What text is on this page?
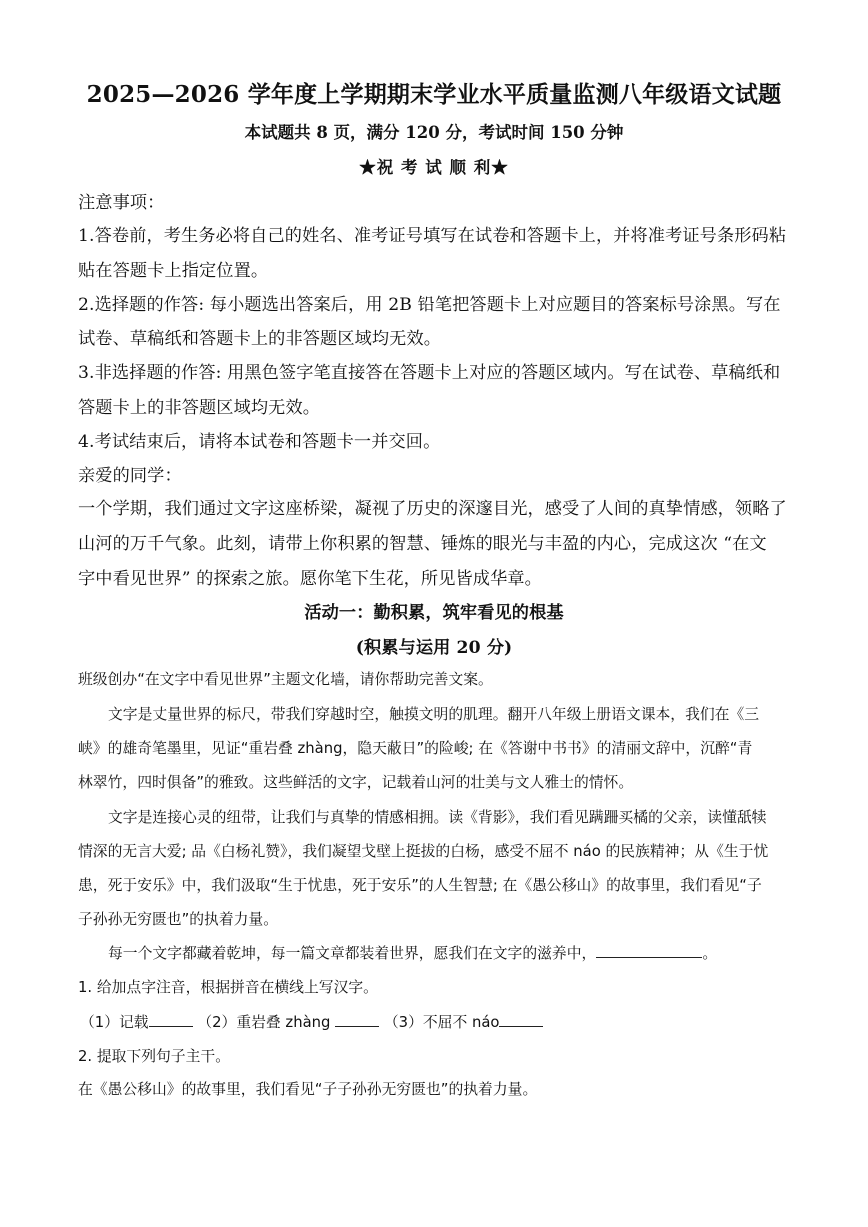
2025—2026 学年度上学期期末学业水平质量监测八年级语文试题
本试题共 8 页，满分 120 分，考试时间 150 分钟
★祝 考 试 顺 利★
注意事项：
1.答卷前，考生务必将自己的姓名、准考证号填写在试卷和答题卡上，并将准考证号条形码粘
贴在答题卡上指定位置。
2.选择题的作答: 每小题选出答案后，用 2B 铅笔把答题卡上对应题目的答案标号涂黑。写在
试卷、草稿纸和答题卡上的非答题区域均无效。
3.非选择题的作答: 用黑色签字笔直接答在答题卡上对应的答题区域内。写在试卷、草稿纸和
答题卡上的非答题区域均无效。
4.考试结束后，请将本试卷和答题卡一并交回。
亲爱的同学：
一个学期，我们通过文字这座桥梁，凝视了历史的深邃目光，感受了人间的真挚情感，领略了
山河的万千气象。此刻，请带上你积累的智慧、锤炼的眼光与丰盈的内心，完成这次 “在文
字中看见世界” 的探索之旅。愿你笔下生花，所见皆成华章。
活动一：勤积累，筑牢看见的根基
(积累与运用 20 分)
班级创办“在文字中看见世界”主题文化墙，请你帮助完善文案。
文字是丈量世界的标尺，带我们穿越时空，触摸文明的肌理。翻开八年级上册语文课本，我们在《三
峡》的雄奇笔墨里，见证“重岩叠 zhàng，隐天蔽日”的险峻; 在《答谢中书书》的清丽文辞中，沉醉“青
林翠竹，四时俱备”的雅致。这些鲜活的文字，记载着山河的壮美与文人雅士的情怀。
文字是连接心灵的纽带，让我们与真挚的情感相拥。读《背影》，我们看见蹒跚买橘的父亲，读懂舐犊
情深的无言大爱; 品《白杨礼赞》，我们凝望戈壁上挺拔的白杨，感受不屈不 náo 的民族精神；从《生于忧
患，死于安乐》中，我们汲取“生于忧患，死于安乐”的人生智慧; 在《愚公移山》的故事里，我们看见“子
子孙孙无穷匮也”的执着力量。
每一个文字都藏着乾坤，每一篇文章都装着世界，愿我们在文字的滋养中，	。
1. 给加点字注音，根据拼音在横线上写汉字。
（1）记载	（2）重岩叠 zhàng	（3）不屈不 náo
2. 提取下列句子主干。
在《愚公移山》的故事里，我们看见“子子孙孙无穷匮也”的执着力量。
